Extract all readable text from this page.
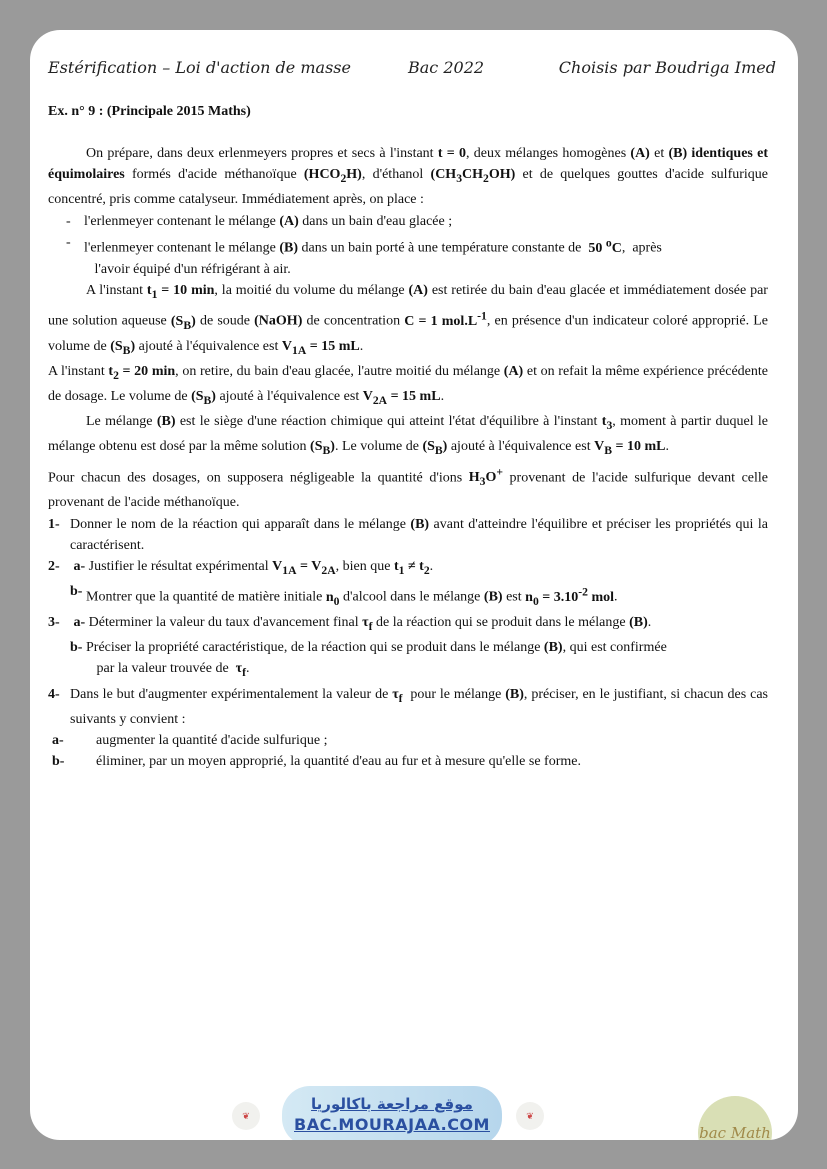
Estérification – Loi d'action de masse	Bac 2022	Choisis par Boudriga Imed
Ex. n° 9 : (Principale 2015 Maths)

On prépare, dans deux erlenmeyers propres et secs à l'instant t = 0, deux mélanges homogènes (A) et (B) identiques et équimolaires formés d'acide méthanoïque $(HCO_2H)$, d'éthanol $(CH_3CH_2OH)$ et de quelques gouttes d'acide sulfurique concentré, pris comme catalyseur. Immédiatement après, on place :

- l'erlenmeyer contenant le mélange (A) dans un bain d'eau glacée ;

- l'erlenmeyer contenant le mélange (B) dans un bain porté à une température constante de  50 $^o$C,  après
l'avoir équipé d'un réfrigérant à air.

A l'instant $t_1 = 10$ min, la moitié du volume du mélange (A) est retirée du bain d'eau glacée et immédiatement dosée par une solution aqueuse $(S_B)$ de soude (NaOH) de concentration C = 1 $mol.L^{-1}$, en présence d'un indicateur coloré approprié. Le volume de $(S_B)$ ajouté à l'équivalence est $V_{1A} = 15$ mL.
A l'instant $t_2 = 20$ min, on retire, du bain d'eau glacée, l'autre moitié du mélange (A) et on refait la même expérience précédente de dosage. Le volume de $(S_B)$ ajouté à l'équivalence est $V_{2A} = 15$ mL.

Le mélange (B) est le siège d'une réaction chimique qui atteint l'état d'équilibre à l'instant $t_3$, moment à partir duquel le mélange obtenu est dosé par la même solution $(S_B)$. Le volume de $(S_B)$ ajouté à l'équivalence est $V_B = 10$ mL.

Pour chacun des dosages, on supposera négligeable la quantité d'ions $H_3O^+$ provenant de l'acide sulfurique devant celle provenant de l'acide méthanoïque.

1- Donner le nom de la réaction qui apparaît dans le mélange (B) avant d'atteindre l'équilibre et préciser les propriétés qui la caractérisent.

2- a- Justifier le résultat expérimental $V_{1A} = V_{2A}$, bien que $t_1 \ne t_2$.

b- Montrer que la quantité de matière initiale $n_0$ d'alcool dans le mélange (B) est $n_0 = 3.10^{-2}$ mol.

3- a- Déterminer la valeur du taux d'avancement final $\tau_f$ de la réaction qui se produit dans le mélange (B).

b- Préciser la propriété caractéristique, de la réaction qui se produit dans le mélange (B), qui est confirmée
par la valeur trouvée de  $\tau_f$.

4- Dans le but d'augmenter expérimentalement la valeur de $\tau_f$  pour le mélange (B), préciser, en le justifiant, si chacun des cas suivants y convient :

a- augmenter la quantité d'acide sulfurique ;

b- éliminer, par un moyen approprié, la quantité d'eau au fur et à mesure qu'elle se forme.

❦
موقع مراجعة باكالوريا
BAC.MOURAJAA.COM	❦
bac Math
